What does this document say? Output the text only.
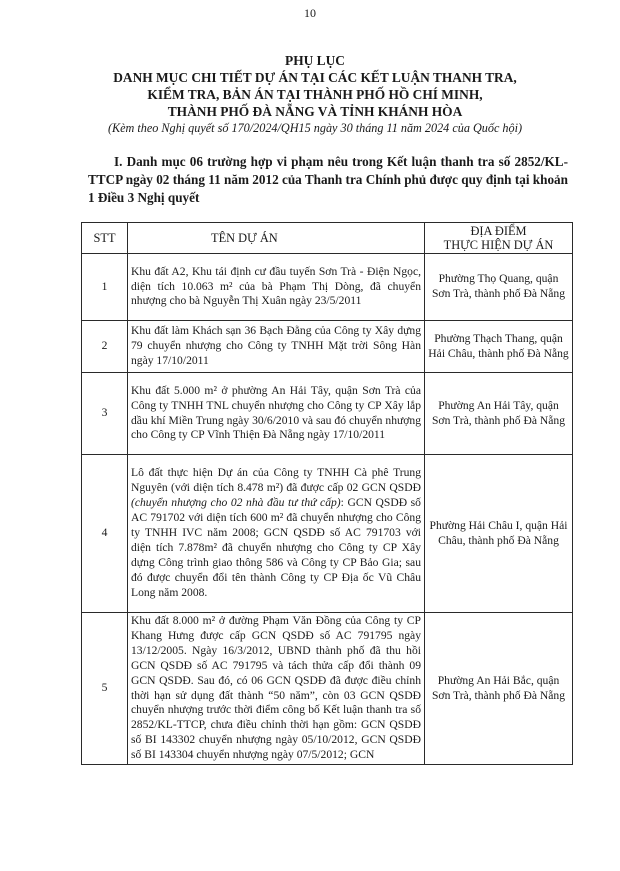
10
PHỤ LỤC
DANH MỤC CHI TIẾT DỰ ÁN TẠI CÁC KẾT LUẬN THANH TRA,
KIỂM TRA, BẢN ÁN TẠI THÀNH PHỐ HỒ CHÍ MINH,
THÀNH PHỐ ĐÀ NẴNG VÀ TỈNH KHÁNH HÒA
(Kèm theo Nghị quyết số 170/2024/QH15 ngày 30 tháng 11 năm 2024 của Quốc hội)
I. Danh mục 06 trường hợp vi phạm nêu trong Kết luận thanh tra số 2852/KL-TTCP ngày 02 tháng 11 năm 2012 của Thanh tra Chính phủ được quy định tại khoản 1 Điều 3 Nghị quyết
STT	TÊN DỰ ÁN	ĐỊA ĐIỂM
THỰC HIỆN DỰ ÁN

1	Khu đất A2, Khu tái định cư đầu tuyến Sơn Trà - Điện Ngọc, diện tích 10.063 m² của bà Phạm Thị Dòng, đã chuyển nhượng cho bà Nguyễn Thị Xuân ngày 23/5/2011	Phường Thọ Quang, quận Sơn Trà, thành phố Đà Nẵng
2	Khu đất làm Khách sạn 36 Bạch Đằng của Công ty Xây dựng 79 chuyển nhượng cho Công ty TNHH Mặt trời Sông Hàn ngày 17/10/2011	Phường Thạch Thang, quận Hải Châu, thành phố Đà Nẵng
3	Khu đất 5.000 m² ở phường An Hải Tây, quận Sơn Trà của Công ty TNHH TNL chuyển nhượng cho Công ty CP Xây lắp dầu khí Miền Trung ngày 30/6/2010 và sau đó chuyển nhượng cho Công ty CP Vĩnh Thiện Đà Nẵng ngày 17/10/2011	Phường An Hải Tây, quận Sơn Trà, thành phố Đà Nẵng
4	Lô đất thực hiện Dự án của Công ty TNHH Cà phê Trung Nguyên (với diện tích 8.478 m²) đã được cấp 02 GCN QSDĐ (chuyển nhượng cho 02 nhà đầu tư thứ cấp): GCN QSDĐ số AC 791702 với diện tích 600 m² đã chuyển nhượng cho Công ty TNHH IVC năm 2008; GCN QSDĐ số AC 791703 với diện tích 7.878m² đã chuyển nhượng cho Công ty CP Xây dựng Công trình giao thông 586 và Công ty CP Bảo Gia; sau đó được chuyển đổi tên thành Công ty CP Địa ốc Vũ Châu Long năm 2008.	Phường Hải Châu I, quận Hải Châu, thành phố Đà Nẵng
5	Khu đất 8.000 m² ở đường Phạm Văn Đồng của Công ty CP Khang Hưng được cấp GCN QSDĐ số AC 791795 ngày 13/12/2005. Ngày 16/3/2012, UBND thành phố đã thu hồi GCN QSDĐ số AC 791795 và tách thửa cấp đổi thành 09 GCN QSDĐ. Sau đó, có 06 GCN QSDĐ đã được điều chỉnh thời hạn sử dụng đất thành “50 năm”, còn 03 GCN QSDĐ chuyển nhượng trước thời điểm công bố Kết luận thanh tra số 2852/KL-TTCP, chưa điều chỉnh thời hạn gồm: GCN QSDĐ số BI 143302 chuyển nhượng ngày 05/10/2012, GCN QSDĐ số BI 143304 chuyển nhượng ngày 07/5/2012; GCN	Phường An Hải Bắc, quận Sơn Trà, thành phố Đà Nẵng
